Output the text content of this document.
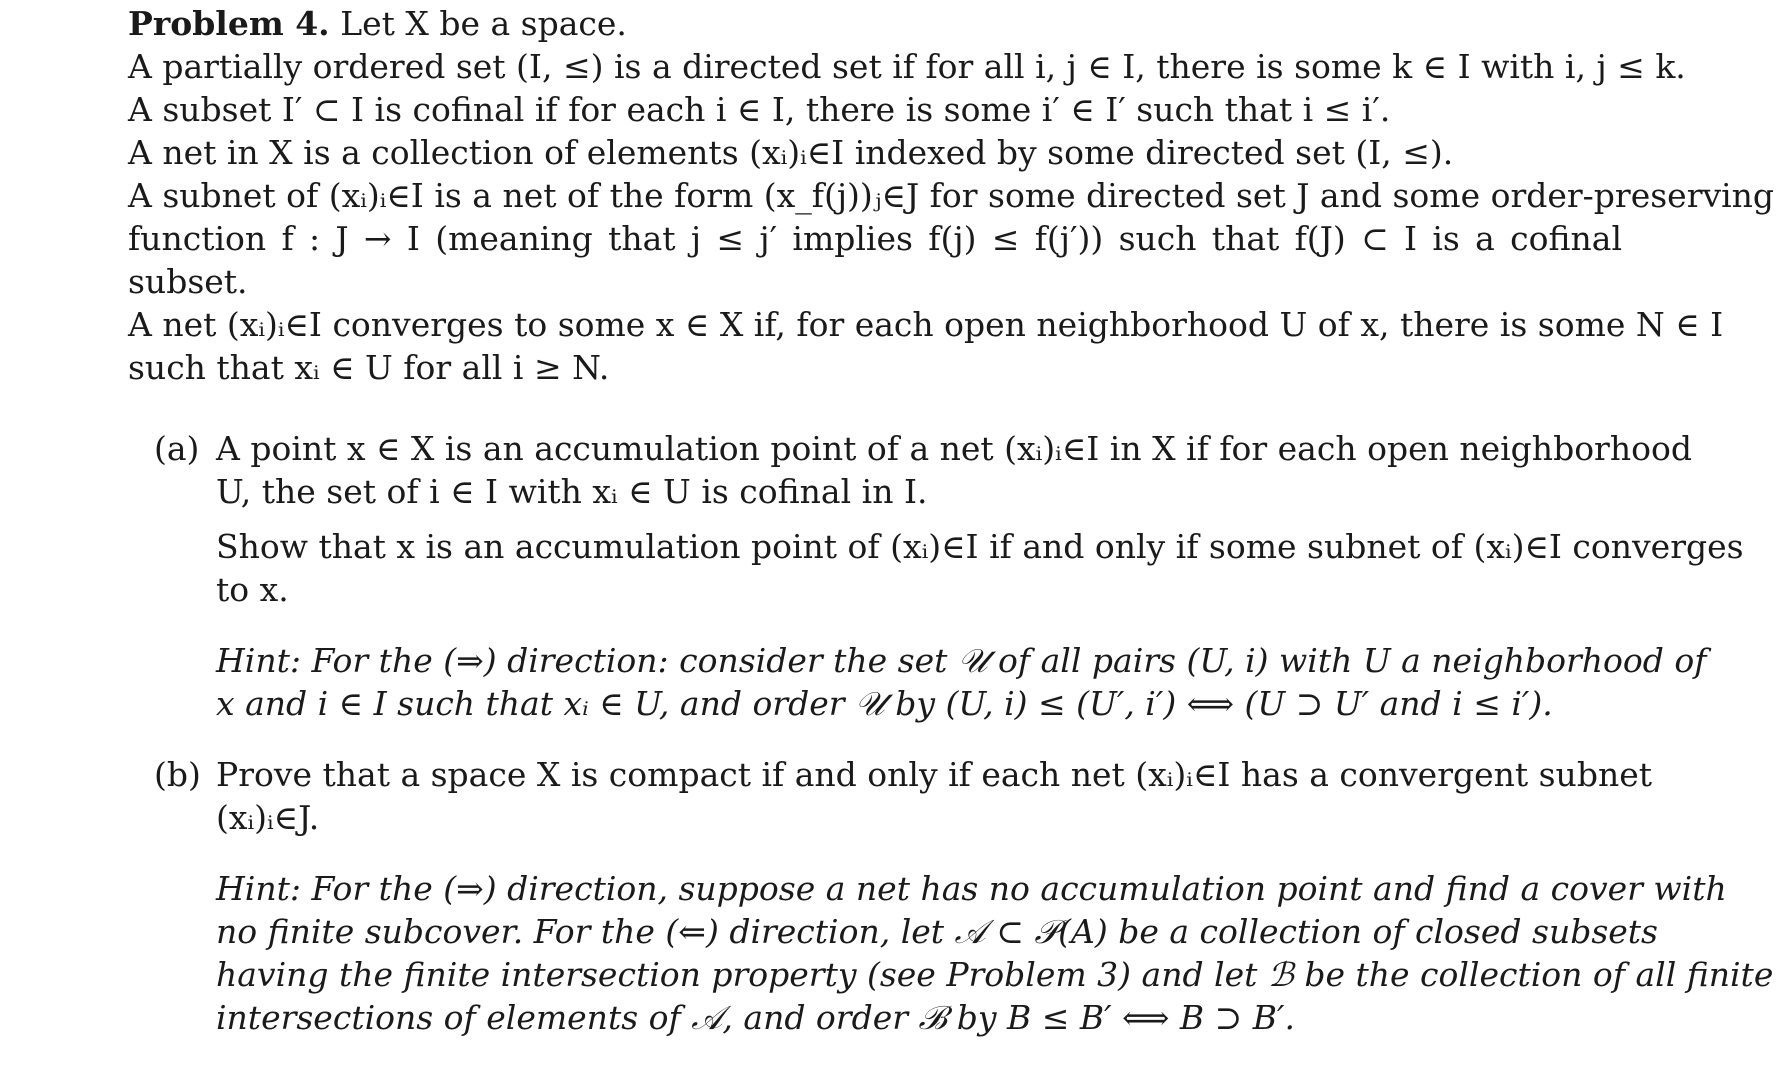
Problem 4. Let X be a space.
A partially ordered set (I, ≤) is a directed set if for all i, j ∈ I, there is some k ∈ I with i, j ≤ k.
A subset I′ ⊂ I is cofinal if for each i ∈ I, there is some i′ ∈ I′ such that i ≤ i′.
A net in X is a collection of elements (xᵢ)ᵢ∈I indexed by some directed set (I, ≤).
A subnet of (xᵢ)ᵢ∈I is a net of the form (x_f(j))ⱼ∈J for some directed set J and some order-preserving
function f : J → I (meaning that j ≤ j′ implies f(j) ≤ f(j′)) such that f(J) ⊂ I is a cofinal
subset.
A net (xᵢ)ᵢ∈I converges to some x ∈ X if, for each open neighborhood U of x, there is some N ∈ I
such that xᵢ ∈ U for all i ≥ N.
(a) A point x ∈ X is an accumulation point of a net (xᵢ)ᵢ∈I in X if for each open neighborhood
U, the set of i ∈ I with xᵢ ∈ U is cofinal in I.
Show that x is an accumulation point of (xᵢ)∈I if and only if some subnet of (xᵢ)∈I converges
to x.
Hint: For the (⇒) direction: consider the set 𝒰 of all pairs (U, i) with U a neighborhood of
x and i ∈ I such that xᵢ ∈ U, and order 𝒰 by (U, i) ≤ (U′, i′) ⟺ (U ⊃ U′ and i ≤ i′).
(b) Prove that a space X is compact if and only if each net (xᵢ)ᵢ∈I has a convergent subnet
(xᵢ)ᵢ∈J.
Hint: For the (⇒) direction, suppose a net has no accumulation point and find a cover with
no finite subcover. For the (⇐) direction, let 𝒜 ⊂ 𝒫(A) be a collection of closed subsets
having the finite intersection property (see Problem 3) and let ℬ be the collection of all finite
intersections of elements of 𝒜, and order ℬ by B ≤ B′ ⟺ B ⊃ B′.
